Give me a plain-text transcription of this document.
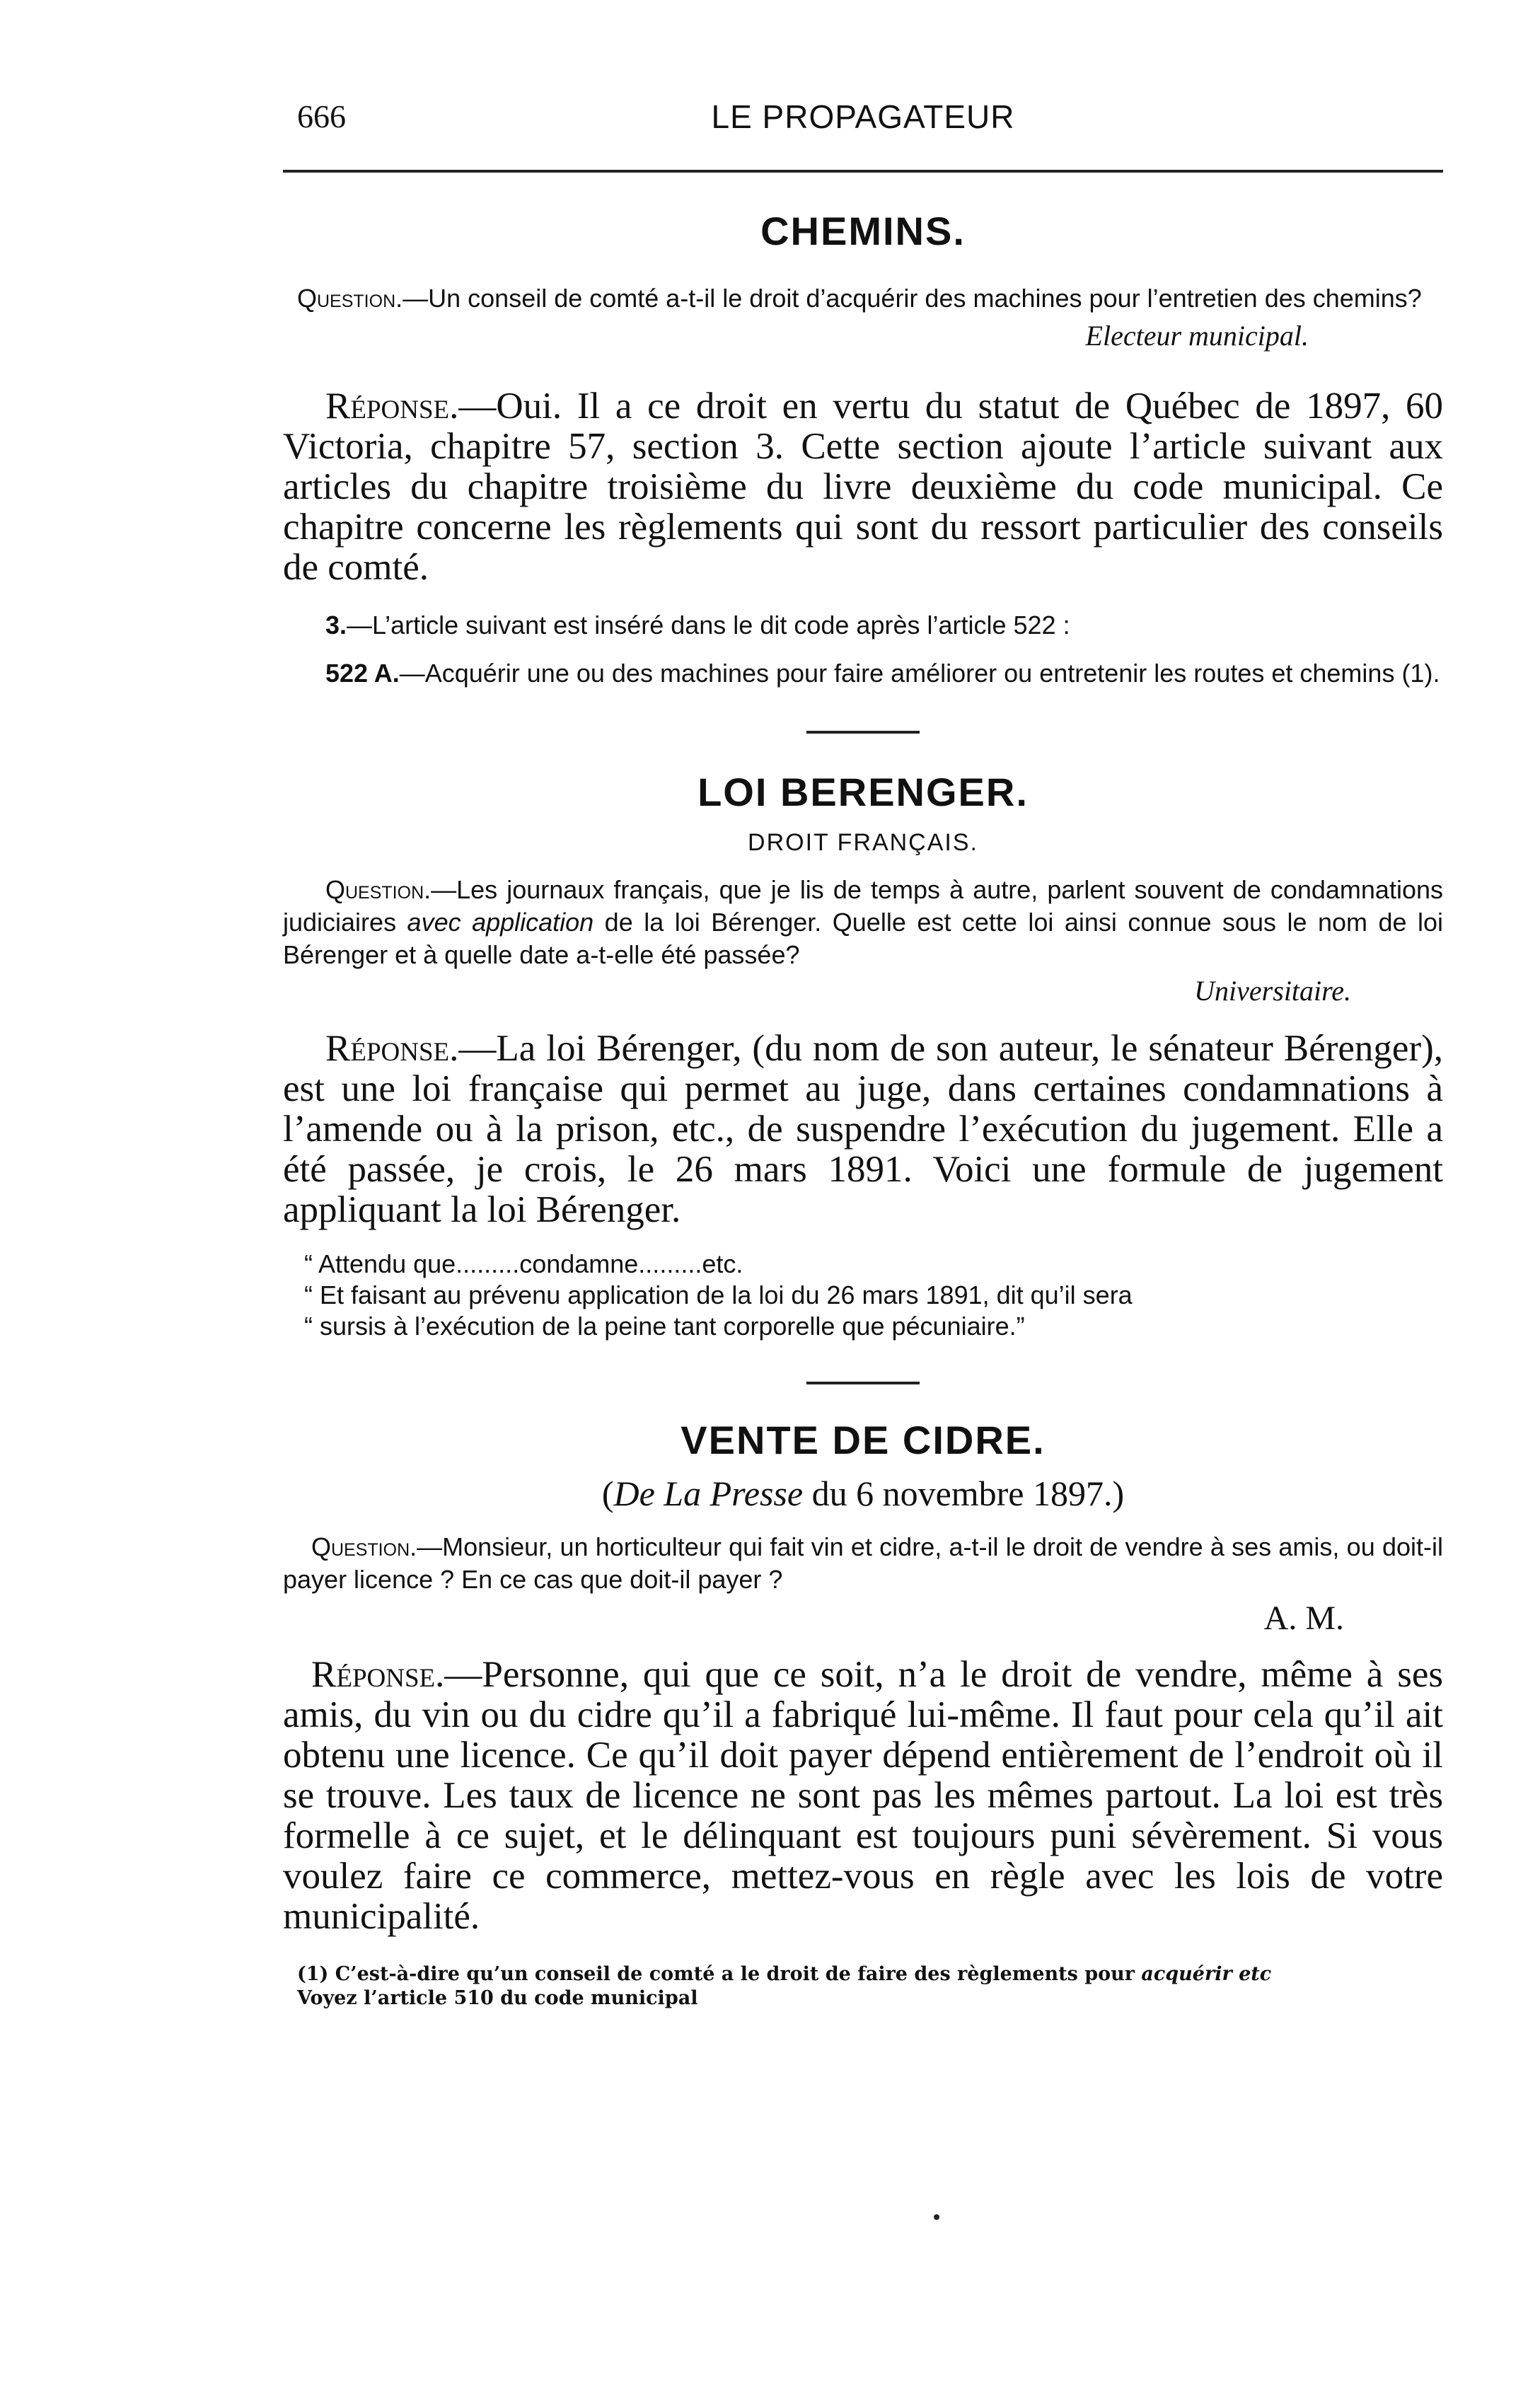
666	LE PROPAGATEUR
CHEMINS.

Question.—Un conseil de comté a-t-il le droit d’acquérir des machines pour l’entretien des chemins?

Electeur municipal.

Réponse.—Oui. Il a ce droit en vertu du statut de Québec de 1897, 60 Victoria, chapitre 57, section 3. Cette section ajoute l’article suivant aux articles du chapitre troisième du livre deuxième du code municipal. Ce chapitre concerne les règlements qui sont du ressort particulier des conseils de comté.

3.—L’article suivant est inséré dans le dit code après l’article 522 :

522 A.—Acquérir une ou des machines pour faire améliorer ou entretenir les routes et chemins (1).

LOI BERENGER.
DROIT FRANÇAIS.

Question.—Les journaux français, que je lis de temps à autre, parlent souvent de condamnations judiciaires avec application de la loi Bérenger. Quelle est cette loi ainsi connue sous le nom de loi Bérenger et à quelle date a-t-elle été passée?

Universitaire.

Réponse.—La loi Bérenger, (du nom de son auteur, le sénateur Bérenger), est une loi française qui permet au juge, dans certaines condamnations à l’amende ou à la prison, etc., de suspendre l’exécution du jugement. Elle a été passée, je crois, le 26 mars 1891. Voici une formule de jugement appliquant la loi Bérenger.

“ Attendu que.........condamne.........etc.

“ Et faisant au prévenu application de la loi du 26 mars 1891, dit qu’il sera

“ sursis à l’exécution de la peine tant corporelle que pécuniaire.”

VENTE DE CIDRE.
(De La Presse du 6 novembre 1897.)

Question.—Monsieur, un horticulteur qui fait vin et cidre, a-t-il le droit de vendre à ses amis, ou doit-il payer licence ? En ce cas que doit-il payer ?

A. M.

Réponse.—Personne, qui que ce soit, n’a le droit de vendre, même à ses amis, du vin ou du cidre qu’il a fabriqué lui-même. Il faut pour cela qu’il ait obtenu une licence. Ce qu’il doit payer dépend entièrement de l’endroit où il se trouve. Les taux de licence ne sont pas les mêmes partout. La loi est très formelle à ce sujet, et le délinquant est toujours puni sévèrement. Si vous voulez faire ce commerce, mettez-vous en règle avec les lois de votre municipalité.

(1) C’est-à-dire qu’un conseil de comté a le droit de faire des règlements pour acquérir etc

Voyez l’article 510 du code municipal
